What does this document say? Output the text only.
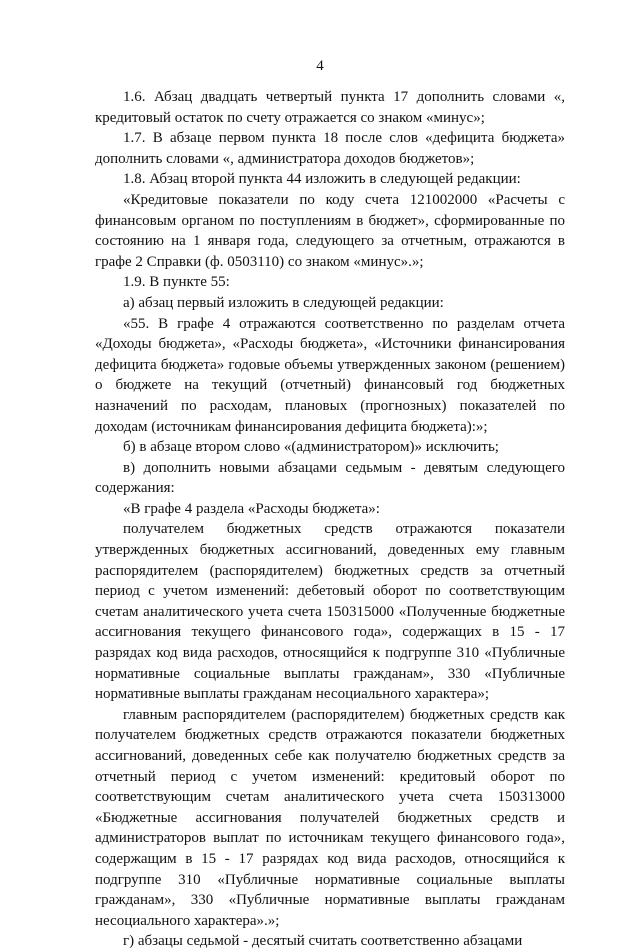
4

1.6. Абзац двадцать четвертый пункта 17 дополнить словами «, кредитовый остаток по счету отражается со знаком «минус»;

1.7. В абзаце первом пункта 18 после слов «дефицита бюджета» дополнить словами «, администратора доходов бюджетов»;

1.8. Абзац второй пункта 44 изложить в следующей редакции:

«Кредитовые показатели по коду счета 121002000 «Расчеты с финансовым органом по поступлениям в бюджет», сформированные по состоянию на 1 января года, следующего за отчетным, отражаются в графе 2 Справки (ф. 0503110) со знаком «минус».»;

1.9. В пункте 55:

а) абзац первый изложить в следующей редакции:

«55. В графе 4 отражаются соответственно по разделам отчета «Доходы бюджета», «Расходы бюджета», «Источники финансирования дефицита бюджета» годовые объемы утвержденных законом (решением) о бюджете на текущий (отчетный) финансовый год бюджетных назначений по расходам, плановых (прогнозных) показателей по доходам (источникам финансирования дефицита бюджета):»;

б) в абзаце втором слово «(администратором)» исключить;

в) дополнить новыми абзацами седьмым - девятым следующего содержания:

«В графе 4 раздела «Расходы бюджета»:

получателем бюджетных средств отражаются показатели утвержденных бюджетных ассигнований, доведенных ему главным распорядителем (распорядителем) бюджетных средств за отчетный период с учетом изменений: дебетовый оборот по соответствующим счетам аналитического учета счета 150315000 «Полученные бюджетные ассигнования текущего финансового года», содержащих в 15 - 17 разрядах код вида расходов, относящийся к подгруппе 310 «Публичные нормативные социальные выплаты гражданам», 330 «Публичные нормативные выплаты гражданам несоциального характера»;

главным распорядителем (распорядителем) бюджетных средств как получателем бюджетных средств отражаются показатели бюджетных ассигнований, доведенных себе как получателю бюджетных средств за отчетный период с учетом изменений: кредитовый оборот по соответствующим счетам аналитического учета счета 150313000 «Бюджетные ассигнования получателей бюджетных средств и администраторов выплат по источникам текущего финансового года», содержащим в 15 - 17 разрядах код вида расходов, относящийся к подгруппе 310 «Публичные нормативные социальные выплаты гражданам», 330 «Публичные нормативные выплаты гражданам несоциального характера».»;

г) абзацы седьмой - десятый считать соответственно абзацами
